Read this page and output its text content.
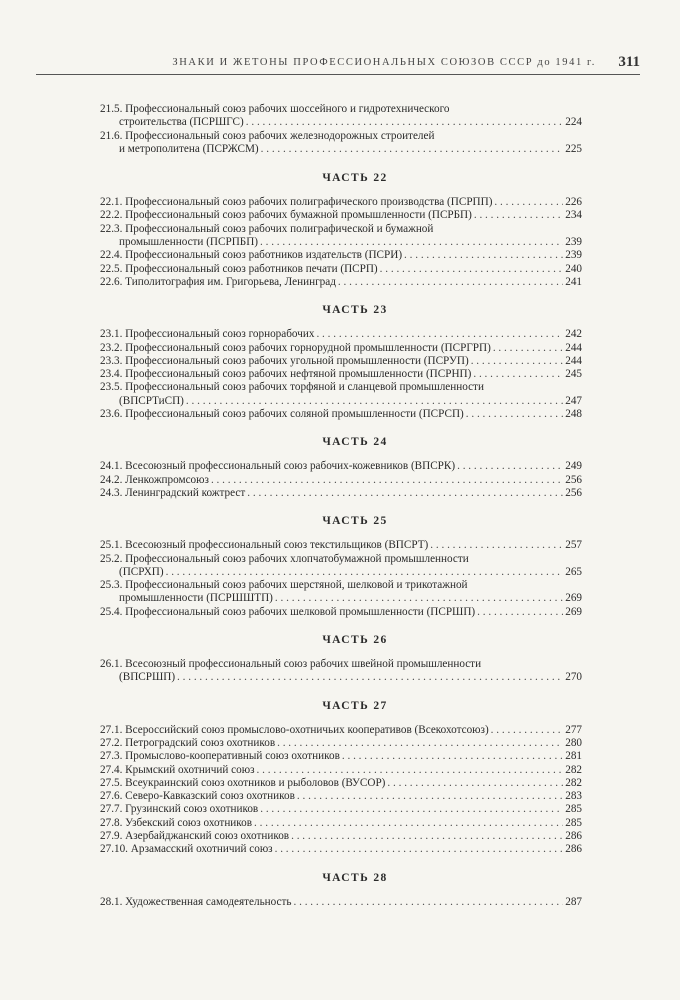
ЗНАКИ И ЖЕТОНЫ ПРОФЕССИОНАЛЬНЫХ СОЮЗОВ СССР до 1941 г. 311
21.5. Профессиональный союз рабочих шоссейного и гидротехнического
строительства (ПСРШГС) . . .	224
21.6. Профессиональный союз рабочих железнодорожных строителей
и метрополитена (ПСРЖСМ) . . .	225
ЧАСТЬ 22
22.1. Профессиональный союз рабочих полиграфического производства (ПСРПП) . . .	226
22.2. Профессиональный союз рабочих бумажной промышленности (ПСРБП) . . .	234
22.3. Профессиональный союз рабочих полиграфической и бумажной
промышленности (ПСРПБП) . . .	239
22.4. Профессиональный союз работников издательств (ПСРИ) . . .	239
22.5. Профессиональный союз работников печати (ПСРП) . . .	240
22.6. Типолитография им. Григорьева, Ленинград . . .	241
ЧАСТЬ 23
23.1. Профессиональный союз горнорабочих . . .	242
23.2. Профессиональный союз рабочих горнорудной промышленности (ПСРГРП) . . .	244
23.3. Профессиональный союз рабочих угольной промышленности (ПСРУП) . . .	244
23.4. Профессиональный союз рабочих нефтяной промышленности (ПСРНП) . . .	245
23.5. Профессиональный союз рабочих торфяной и сланцевой промышленности
(ВПСРТиСП) . . .	247
23.6. Профессиональный союз рабочих соляной промышленности (ПСРСП) . . .	248
ЧАСТЬ 24
24.1. Всесоюзный профессиональный союз рабочих-кожевников (ВПСРК) . . .	249
24.2. Ленкожпромсоюз . . .	256
24.3. Ленинградский кожтрест . . .	256
ЧАСТЬ 25
25.1. Всесоюзный профессиональный союз текстильщиков (ВПСРТ) . . .	257
25.2. Профессиональный союз рабочих хлопчатобумажной промышленности
(ПСРХП) . . .	265
25.3. Профессиональный союз рабочих шерстяной, шелковой и трикотажной
промышленности (ПСРШШТП) . . .	269
25.4. Профессиональный союз рабочих шелковой промышленности (ПСРШП) . . .	269
ЧАСТЬ 26
26.1. Всесоюзный профессиональный союз рабочих швейной промышленности
(ВПСРШП) . . .	270
ЧАСТЬ 27
27.1. Всероссийский союз промыслово-охотничьих кооперативов (Всекохотсоюз) . . .	277
27.2. Петроградский союз охотников . . .	280
27.3. Промыслово-кооперативный союз охотников . . .	281
27.4. Крымский охотничий союз . . .	282
27.5. Всеукраинский союз охотников и рыболовов (ВУСОР) . . .	282
27.6. Северо-Кавказский союз охотников . . .	283
27.7. Грузинский союз охотников . . .	285
27.8. Узбекский союз охотников . . .	285
27.9. Азербайджанский союз охотников . . .	286
27.10. Арзамасский охотничий союз . . .	286
ЧАСТЬ 28
28.1. Художественная самодеятельность . . .	287
